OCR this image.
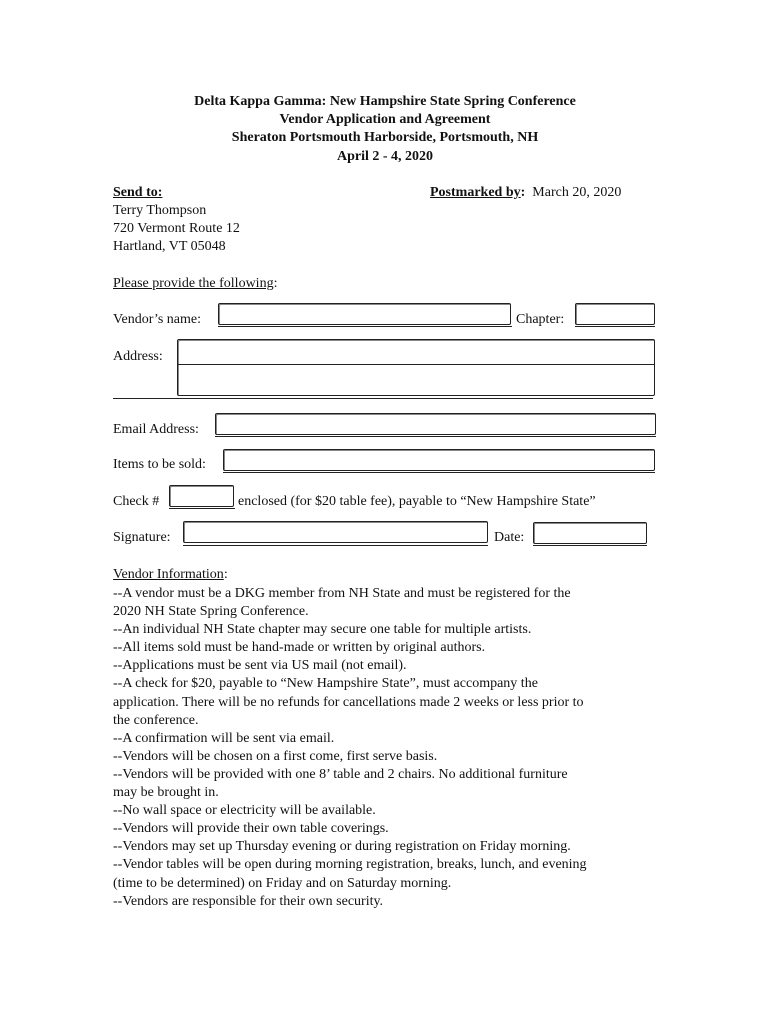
Delta Kappa Gamma: New Hampshire State Spring Conference
Vendor Application and Agreement
Sheraton Portsmouth Harborside, Portsmouth, NH
April 2 - 4, 2020
Send to:
Terry Thompson
720 Vermont Route 12
Hartland, VT 05048
Postmarked by: March 20, 2020
Please provide the following:
Vendor’s name:	Chapter:
Address:
Email Address:
Items to be sold:
Check #	enclosed (for $20 table fee), payable to “New Hampshire State”
Signature:	Date:
Vendor Information:

--A vendor must be a DKG member from NH State and must be registered for the

2020 NH State Spring Conference.

--An individual NH State chapter may secure one table for multiple artists.

--All items sold must be hand-made or written by original authors.

--Applications must be sent via US mail (not email).

--A check for $20, payable to “New Hampshire State”, must accompany the

application. There will be no refunds for cancellations made 2 weeks or less prior to

the conference.

--A confirmation will be sent via email.

--Vendors will be chosen on a first come, first serve basis.

--Vendors will be provided with one 8’ table and 2 chairs. No additional furniture

may be brought in.

--No wall space or electricity will be available.

--Vendors will provide their own table coverings.

--Vendors may set up Thursday evening or during registration on Friday morning.

--Vendor tables will be open during morning registration, breaks, lunch, and evening

(time to be determined) on Friday and on Saturday morning.

--Vendors are responsible for their own security.
